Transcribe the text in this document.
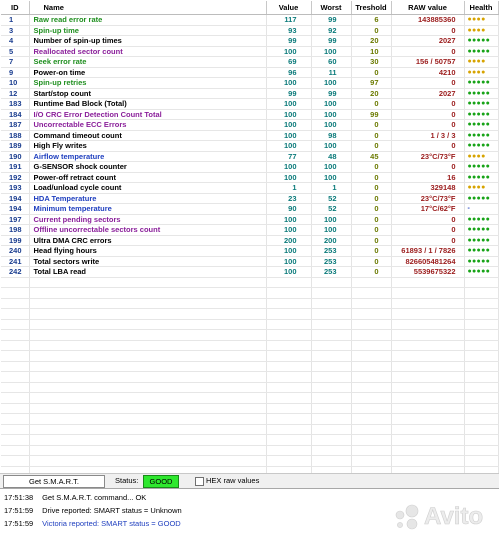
ID	Name	Value	Worst	Treshold	RAW value	Health
1	Raw read error rate	117	99	6	143885360	●●●●
3	Spin-up time	93	92	0	0	●●●●
4	Number of spin-up times	99	99	20	2027	●●●●●
5	Reallocated sector count	100	100	10	0	●●●●●
7	Seek error rate	69	60	30	156 / 50757	●●●●
9	Power-on time	96	11	0	4210	●●●●
10	Spin-up retries	100	100	97	0	●●●●●
12	Start/stop count	99	99	20	2027	●●●●●
183	Runtime Bad Block (Total)	100	100	0	0	●●●●●
184	I/O CRC Error Detection Count Total	100	100	99	0	●●●●●
187	Uncorrectable ECC Errors	100	100	0	0	●●●●●
188	Command timeout count	100	98	0	1 / 3 / 3	●●●●●
189	High Fly writes	100	100	0	0	●●●●●
190	Airflow temperature	77	48	45	23°C/73°F	●●●●
191	G-SENSOR shock counter	100	100	0	0	●●●●●
192	Power-off retract count	100	100	0	16	●●●●●
193	Load/unload cycle count	1	1	0	329148	●●●●
194	HDA Temperature	23	52	0	23°C/73°F	●●●●●
194	Minimum temperature	90	52	0	17°C/62°F	-
197	Current pending sectors	100	100	0	0	●●●●●
198	Offline uncorrectable sectors count	100	100	0	0	●●●●●
199	Ultra DMA CRC errors	200	200	0	0	●●●●●
240	Head flying hours	100	253	0	61893 / 1 / 7826	●●●●●
241	Total sectors write	100	253	0	826605481264	●●●●●
242	Total LBA read	100	253	0	5539675322	●●●●●

Get S.M.A.R.T.	Status:	GOOD	HEX raw values
17:51:38 Get S.M.A.R.T. command... OK
17:51:59 Drive reported: SMART status = Unknown
17:51:59 Victoria reported: SMART status = GOOD	Avito
